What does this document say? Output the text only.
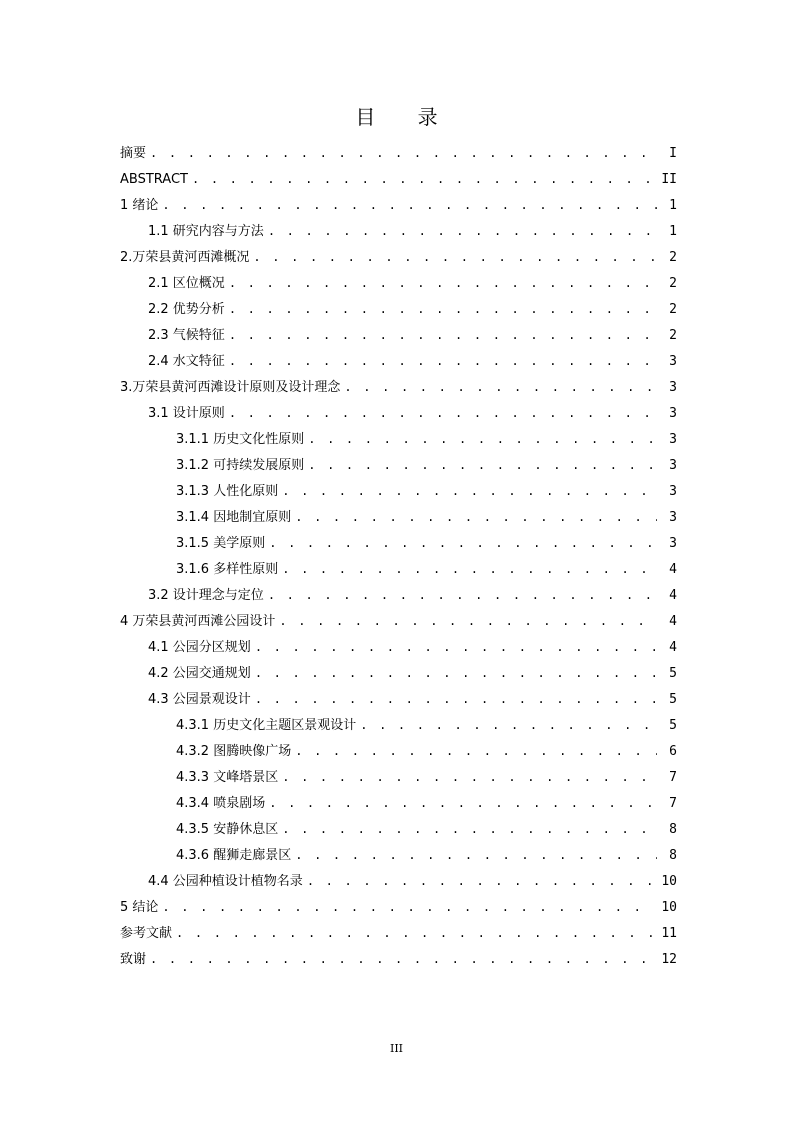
目 录
摘要 . . .	I
ABSTRACT . . .	II
1 绪论 . . .	1
1.1 研究内容与方法 . . .	1
2.万荣县黄河西滩概况 . . .	2
2.1 区位概况 . . .	2
2.2 优势分析 . . .	2
2.3 气候特征 . . .	2
2.4 水文特征 . . .	3
3.万荣县黄河西滩设计原则及设计理念 . . .	3
3.1 设计原则 . . .	3
3.1.1 历史文化性原则 . . .	3
3.1.2 可持续发展原则 . . .	3
3.1.3 人性化原则 . . .	3
3.1.4 因地制宜原则 . . .	3
3.1.5 美学原则 . . .	3
3.1.6 多样性原则 . . .	4
3.2 设计理念与定位 . . .	4
4 万荣县黄河西滩公园设计 . . .	4
4.1 公园分区规划 . . .	4
4.2 公园交通规划 . . .	5
4.3 公园景观设计 . . .	5
4.3.1 历史文化主题区景观设计 . . .	5
4.3.2 图腾映像广场 . . .	6
4.3.3 文峰塔景区 . . .	7
4.3.4 喷泉剧场 . . .	7
4.3.5 安静休息区 . . .	8
4.3.6 醒狮走廊景区 . . .	8
4.4 公园种植设计植物名录 . . .	10
5 结论 . . .	10
参考文献 . . .	11
致谢 . . .	12
III
